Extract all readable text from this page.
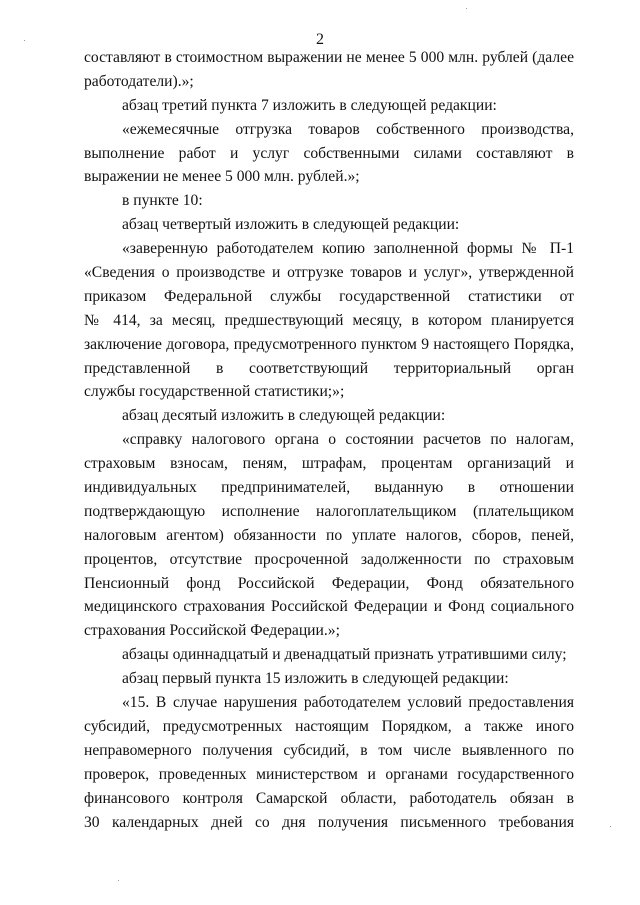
2
составляют в стоимостном выражении не менее 5 000 млн. рублей (далее
работодатели).»;
абзац третий пункта 7 изложить в следующей редакции:
«ежемесячные отгрузка товаров собственного производства,
выполнение работ и услуг собственными силами составляют в
выражении не менее 5 000 млн. рублей.»;
в пункте 10:
абзац четвертый изложить в следующей редакции:
«заверенную работодателем копию заполненной формы № П-1
«Сведения о производстве и отгрузке товаров и услуг», утвержденной
приказом Федеральной службы государственной статистики от
№ 414, за месяц, предшествующий месяцу, в котором планируется
заключение договора, предусмотренного пунктом 9 настоящего Порядка,
представленной в соответствующий территориальный орган
службы государственной статистики;»;
абзац десятый изложить в следующей редакции:
«справку налогового органа о состоянии расчетов по налогам,
страховым взносам, пеням, штрафам, процентам организаций и
индивидуальных предпринимателей, выданную в отношении
подтверждающую исполнение налогоплательщиком (плательщиком
налоговым агентом) обязанности по уплате налогов, сборов, пеней,
процентов, отсутствие просроченной задолженности по страховым
Пенсионный фонд Российской Федерации, Фонд обязательного
медицинского страхования Российской Федерации и Фонд социального
страхования Российской Федерации.»;
абзацы одиннадцатый и двенадцатый признать утратившими силу;
абзац первый пункта 15 изложить в следующей редакции:
«15. В случае нарушения работодателем условий предоставления
субсидий, предусмотренных настоящим Порядком, а также иного
неправомерного получения субсидий, в том числе выявленного по
проверок, проведенных министерством и органами государственного
финансового контроля Самарской области, работодатель обязан в
30 календарных дней со дня получения письменного требования
